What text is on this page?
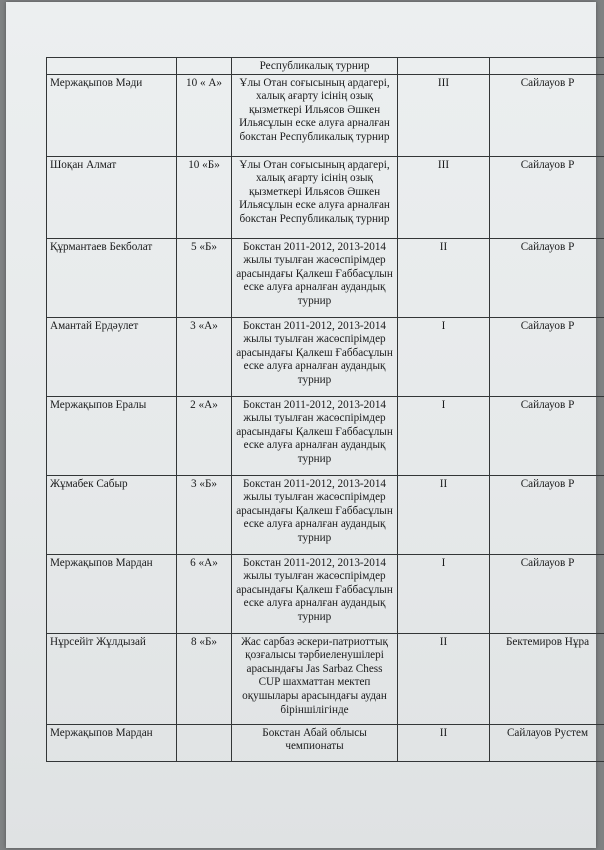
		Республикалық турнир		
Мержақыпов Мәди	10 « А»	Ұлы Отан соғысының ардагері, халық ағарту ісінің озық қызметкері Ильясов Әшкен Ильясұлын еске алуға арналған бокстан Республикалық турнир	III	Сайлауов Р
Шоқан Алмат	10 «Б»	Ұлы Отан соғысының ардагері, халық ағарту ісінің озық қызметкері Ильясов Әшкен Ильясұлын еске алуға арналған бокстан Республикалық турнир	III	Сайлауов Р
Құрмантаев Бекболат	5 «Б»	Бокстан 2011-2012, 2013-2014 жылы туылған жасөспірімдер арасындағы Қалкеш Ғаббасұлын еске алуға арналған аудандық турнир	II	Сайлауов Р
Амантай Ердәулет	3 «А»	Бокстан 2011-2012, 2013-2014 жылы туылған жасөспірімдер арасындағы Қалкеш Ғаббасұлын еске алуға арналған аудандық турнир	I	Сайлауов Р
Мержақыпов Ералы	2 «А»	Бокстан 2011-2012, 2013-2014 жылы туылған жасөспірімдер арасындағы Қалкеш Ғаббасұлын еске алуға арналған аудандық турнир	I	Сайлауов Р
Жұмабек Сабыр	3 «Б»	Бокстан 2011-2012, 2013-2014 жылы туылған жасөспірімдер арасындағы Қалкеш Ғаббасұлын еске алуға арналған аудандық турнир	II	Сайлауов Р
Мержақыпов Мардан	6 «А»	Бокстан 2011-2012, 2013-2014 жылы туылған жасөспірімдер арасындағы Қалкеш Ғаббасұлын еске алуға арналған аудандық турнир	I	Сайлауов Р
Нұрсейіт Жұлдызай	8 «Б»	Жас сарбаз әскери-патриоттық қозғалысы тәрбиеленушілері арасындағы Jas Sarbaz Chess CUP шахматтан мектеп оқушылары арасындағы аудан біріншілігінде	II	Бектемиров Нұра
Мержақыпов Мардан		Бокстан Абай облысы чемпионаты	II	Сайлауов Рустем
